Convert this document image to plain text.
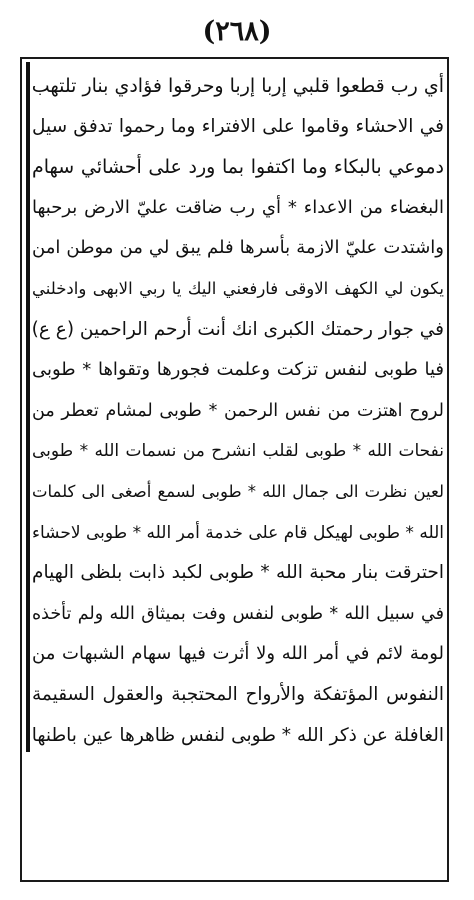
(٢٦٨)
أي رب قطعوا قلبي إربا إربا وحرقوا فؤادي بنار تلتهب
في الاحشاء وقاموا على الافتراء وما رحموا تدفق سيل
دموعي بالبكاء وما اكتفوا بما ورد على أحشائي سهام
البغضاء من الاعداء * أي رب ضاقت عليّ الارض برحبها
واشتدت عليّ الازمة بأسرها فلم يبق لي من موطن امن
يكون لي الكهف الاوقى فارفعني اليك يا ربي الابهى وادخلني
في جوار رحمتك الكبرى انك أنت أرحم الراحمين (ع ع)
فيا طوبى لنفس تزكت وعلمت فجورها وتقواها * طوبى
لروح اهتزت من نفس الرحمن * طوبى لمشام تعطر من
نفحات الله * طوبى لقلب انشرح من نسمات الله * طوبى
لعين نظرت الى جمال الله * طوبى لسمع أصغى الى كلمات
الله * طوبى لهيكل قام على خدمة أمر الله * طوبى لاحشاء
احترقت بنار محبة الله * طوبى لكبد ذابت بلظى الهيام
في سبيل الله * طوبى لنفس وفت بميثاق الله ولم تأخذه
لومة لائم في أمر الله ولا أثرت فيها سهام الشبهات من
النفوس المؤتفكة والأرواح المحتجبة والعقول السقيمة
الغافلة عن ذكر الله * طوبى لنفس ظاهرها عين باطنها
